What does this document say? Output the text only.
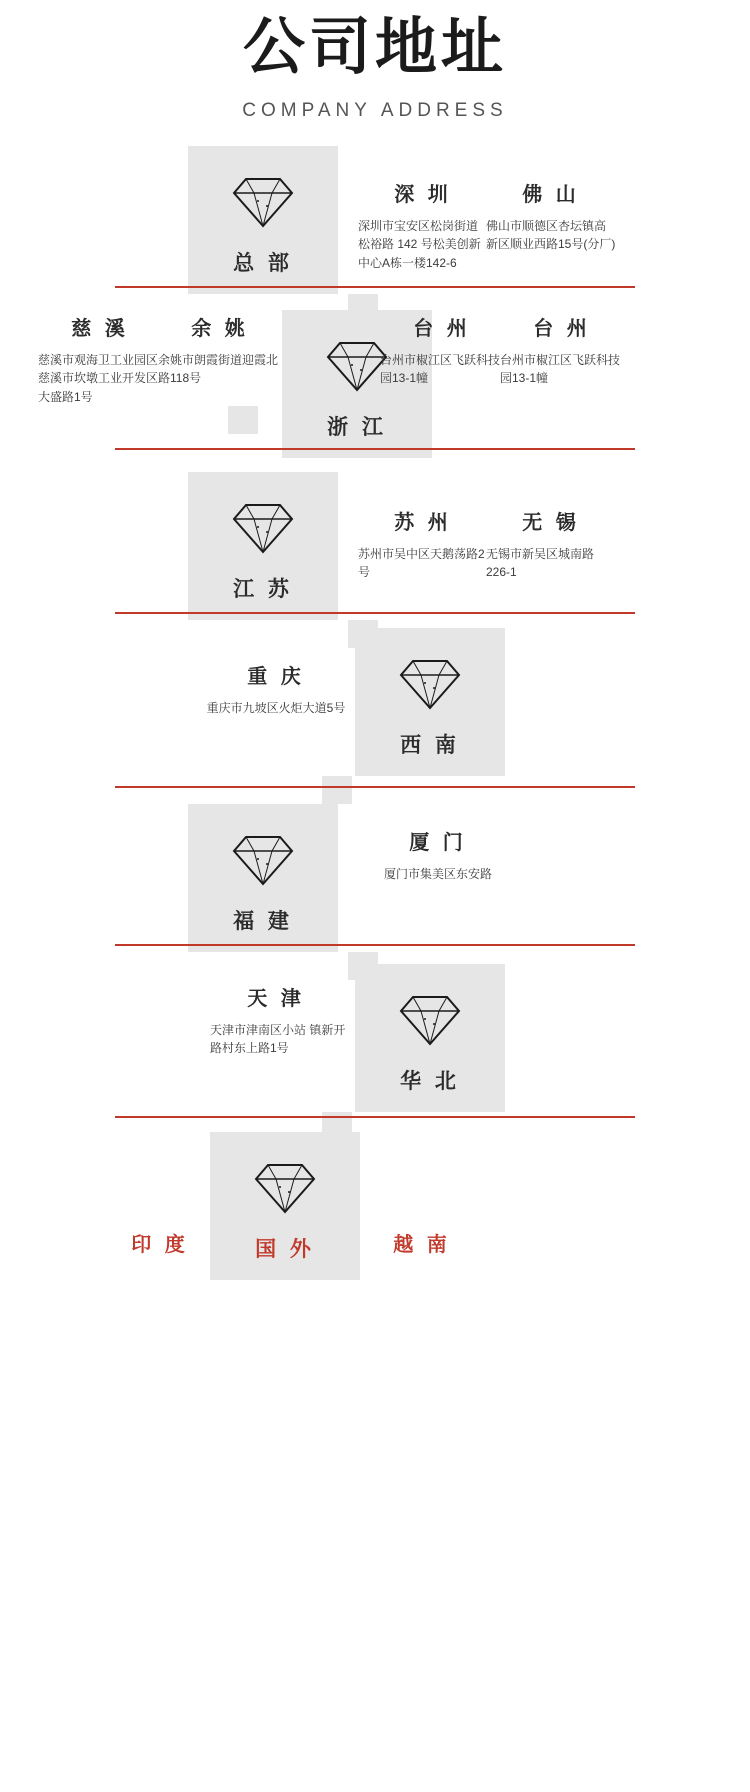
公司地址
COMPANY ADDRESS
总 部
深 圳
深圳市宝安区松岗街道松裕路 142 号松美创新中心A栋一楼142-6
佛 山
佛山市顺德区杏坛镇高新区顺业西路15号(分厂)
浙 江
慈 溪
慈溪市观海卫工业园区慈溪市坎墩工业开发区大盛路1号
余 姚
余姚市朗霞街道迎霞北路118号
台 州
台州市椒江区飞跃科技园13-1幢
台 州
台州市椒江区飞跃科技园13-1幢
江 苏
苏 州
苏州市吴中区天鹅荡路2号
无 锡
无锡市新吴区城南路226-1
西 南
重 庆
重庆市九坡区火炬大道5号
福 建
厦 门
厦门市集美区东安路
华 北
天 津
天津市津南区小站 镇新开路村东上路1号
国 外
印 度	越 南
